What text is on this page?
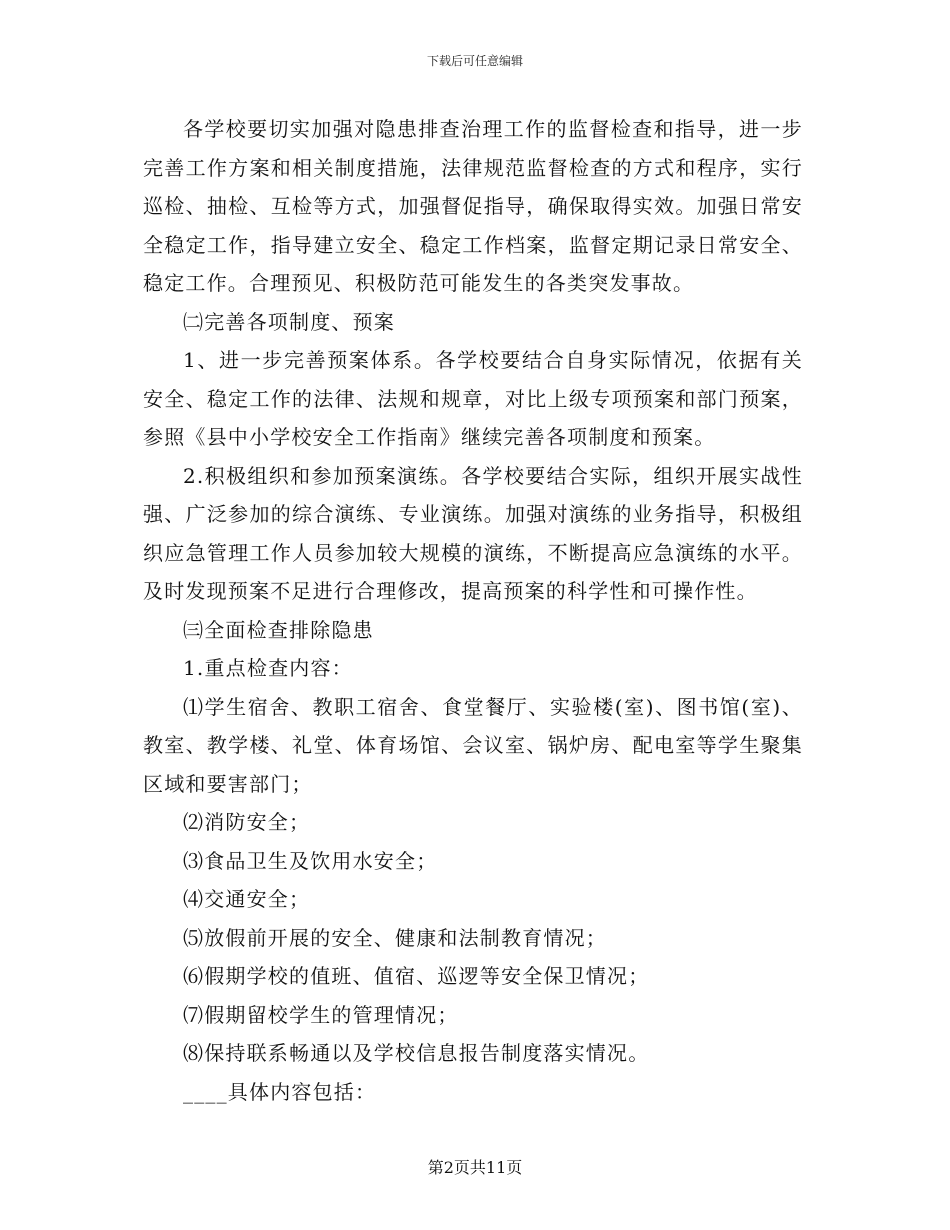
下载后可任意编辑

各学校要切实加强对隐患排查治理工作的监督检查和指导，进一步完善工作方案和相关制度措施，法律规范监督检查的方式和程序，实行巡检、抽检、互检等方式，加强督促指导，确保取得实效。加强日常安全稳定工作，指导建立安全、稳定工作档案，监督定期记录日常安全、稳定工作。合理预见、积极防范可能发生的各类突发事故。

㈡完善各项制度、预案

1、进一步完善预案体系。各学校要结合自身实际情况，依据有关安全、稳定工作的法律、法规和规章，对比上级专项预案和部门预案，参照《县中小学校安全工作指南》继续完善各项制度和预案。

2.积极组织和参加预案演练。各学校要结合实际，组织开展实战性强、广泛参加的综合演练、专业演练。加强对演练的业务指导，积极组织应急管理工作人员参加较大规模的演练，不断提高应急演练的水平。及时发现预案不足进行合理修改，提高预案的科学性和可操作性。

㈢全面检查排除隐患

1.重点检查内容：

⑴学生宿舍、教职工宿舍、食堂餐厅、实验楼(室)、图书馆(室)、教室、教学楼、礼堂、体育场馆、会议室、锅炉房、配电室等学生聚集区域和要害部门；

⑵消防安全；

⑶食品卫生及饮用水安全；

⑷交通安全；

⑸放假前开展的安全、健康和法制教育情况；

⑹假期学校的值班、值宿、巡逻等安全保卫情况；

⑺假期留校学生的管理情况；

⑻保持联系畅通以及学校信息报告制度落实情况。

____具体内容包括：

第2页共11页
